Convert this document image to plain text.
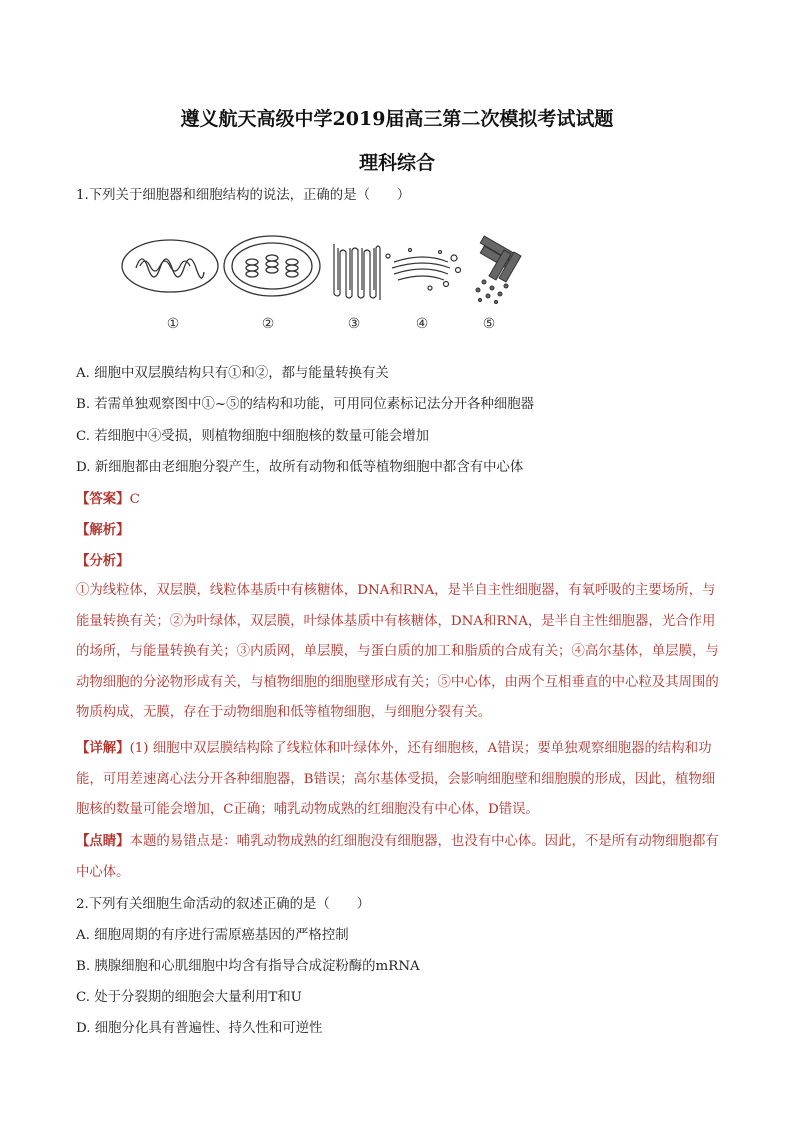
遵义航天高级中学2019届高三第二次模拟考试试题
理科综合
1.下列关于细胞器和细胞结构的说法，正确的是（　　）
①	②	③	④	⑤
A. 细胞中双层膜结构只有①和②，都与能量转换有关
B. 若需单独观察图中①~⑤的结构和功能，可用同位素标记法分开各种细胞器
C. 若细胞中④受损，则植物细胞中细胞核的数量可能会增加
D. 新细胞都由老细胞分裂产生，故所有动物和低等植物细胞中都含有中心体
【答案】C
【解析】
【分析】
①为线粒体，双层膜，线粒体基质中有核糖体，DNA和RNA，是半自主性细胞器，有氧呼吸的主要场所，与能量转换有关；②为叶绿体，双层膜，叶绿体基质中有核糖体，DNA和RNA，是半自主性细胞器，光合作用的场所，与能量转换有关；③内质网，单层膜，与蛋白质的加工和脂质的合成有关；④高尔基体，单层膜，与动物细胞的分泌物形成有关，与植物细胞的细胞壁形成有关；⑤中心体，由两个互相垂直的中心粒及其周围的物质构成，无膜，存在于动物细胞和低等植物细胞，与细胞分裂有关。
【详解】(1) 细胞中双层膜结构除了线粒体和叶绿体外，还有细胞核，A错误；要单独观察细胞器的结构和功能，可用差速离心法分开各种细胞器，B错误；高尔基体受损，会影响细胞壁和细胞膜的形成，因此，植物细胞核的数量可能会增加，C正确；哺乳动物成熟的红细胞没有中心体，D错误。
【点睛】本题的易错点是：哺乳动物成熟的红细胞没有细胞器，也没有中心体。因此，不是所有动物细胞都有中心体。
2.下列有关细胞生命活动的叙述正确的是（　　）
A. 细胞周期的有序进行需原癌基因的严格控制
B. 胰腺细胞和心肌细胞中均含有指导合成淀粉酶的mRNA
C. 处于分裂期的细胞会大量利用T和U
D. 细胞分化具有普遍性、持久性和可逆性
